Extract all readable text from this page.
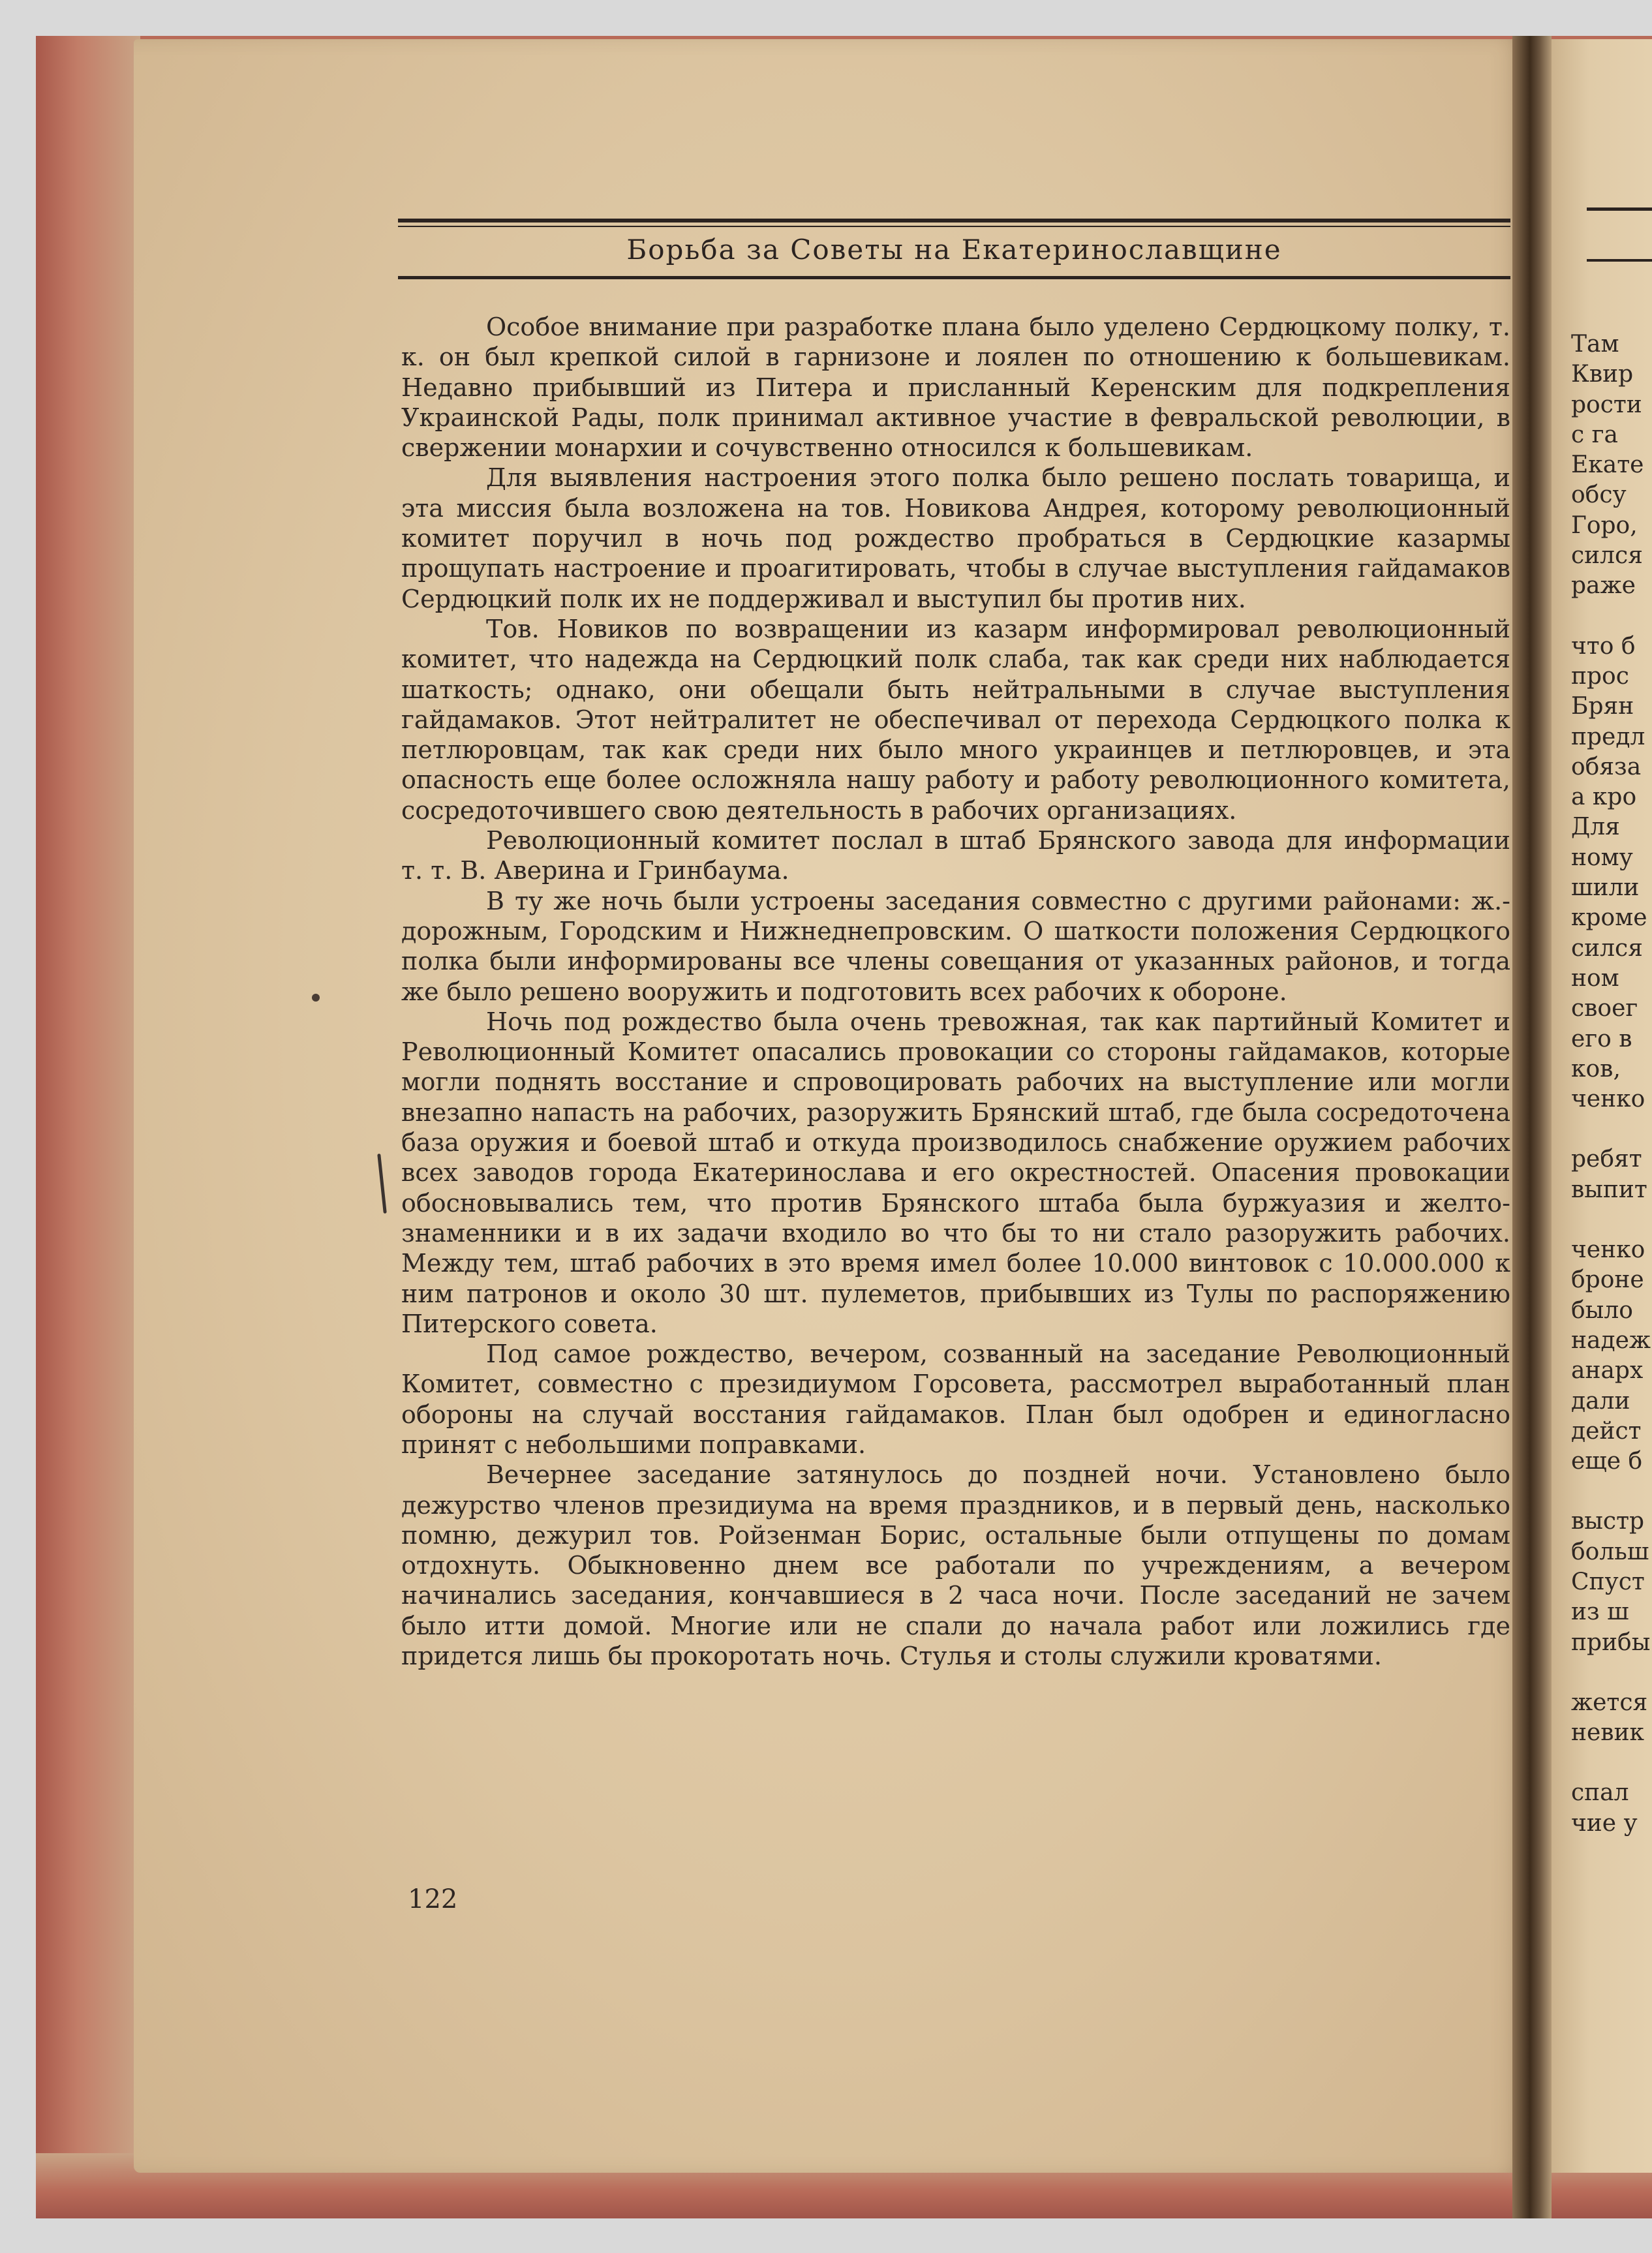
Борьба за Советы на Екатеринославщине

Особое внимание при разработке плана было уделено Сердюцкому полку, т. к. он был крепкой силой в гарнизоне и лоялен по отношению к большевикам. Недавно прибывший из Питера и присланный Керенским для подкрепления Украинской Рады, полк принимал активное участие в февральской революции, в свержении монархии и сочувственно относился к большевикам.

Для выявления настроения этого полка было решено послать товарища, и эта миссия была возложена на тов. Новикова Андрея, которому революционный комитет поручил в ночь под рождество пробраться в Сердюцкие казармы прощупать настроение и проагитировать, чтобы в случае выступления гайдамаков Сердюцкий полк их не поддерживал и выступил бы против них.

Тов. Новиков по возвращении из казарм информировал революционный комитет, что надежда на Сердюцкий полк слаба, так как среди них наблюдается шаткость; однако, они обещали быть нейтральными в случае выступления гайдамаков. Этот нейтралитет не обеспечивал от перехода Сердюцкого полка к петлюровцам, так как среди них было много украинцев и петлюровцев, и эта опасность еще более осложняла нашу работу и работу революционного комитета, сосредоточившего свою деятельность в рабочих организациях.

Революционный комитет послал в штаб Брянского завода для информации т. т. В. Аверина и Гринбаума.

В ту же ночь были устроены заседания совместно с другими районами: ж.-дорожным, Городским и Нижнеднепровским. О шаткости положения Сердюцкого полка были информированы все члены совещания от указанных районов, и тогда же было решено вооружить и подготовить всех рабочих к обороне.

Ночь под рождество была очень тревожная, так как партийный Комитет и Революционный Комитет опасались провокации со стороны гайдамаков, которые могли поднять восстание и спровоцировать рабочих на выступление или могли внезапно напасть на рабочих, разоружить Брянский штаб, где была сосредоточена база оружия и боевой штаб и откуда производилось снабжение оружием рабочих всех заводов города Екатеринослава и его окрестностей. Опасения провокации обосновывались тем, что против Брянского штаба была буржуазия и желто-знаменники и в их задачи входило во что бы то ни стало разоружить рабочих. Между тем, штаб рабочих в это время имел более 10.000 винтовок с 10.000.000 к ним патронов и около 30 шт. пулеметов, прибывших из Тулы по распоряжению Питерского совета.

Под самое рождество, вечером, созванный на заседание Революционный Комитет, совместно с президиумом Горсовета, рассмотрел выработанный план обороны на случай восстания гайдамаков. План был одобрен и единогласно принят с небольшими поправками.

Вечернее заседание затянулось до поздней ночи. Установлено было дежурство членов президиума на время праздников, и в первый день, насколько помню, дежурил тов. Ройзенман Борис, остальные были отпущены по домам отдохнуть. Обыкновенно днем все работали по учреждениям, а вечером начинались заседания, кончавшиеся в 2 часа ночи. После заседаний не зачем было итти домой. Многие или не спали до начала работ или ложились где придется лишь бы прокоротать ночь. Стулья и столы служили кроватями.

122
Там
Квир
рости
с га
Екате
обсу
Горо,
сился
раже
что б
прос
Брян
предл
обяза
а кро
Для
ному
шили
кроме
сился
ном
своег
его в
ков,
ченко
ребят
выпит
ченко
броне
было
надеж
анарх
дали
дейст
еще б
выстр
больш
Спуст
из ш
прибы
жется
невик
спал
чие у
